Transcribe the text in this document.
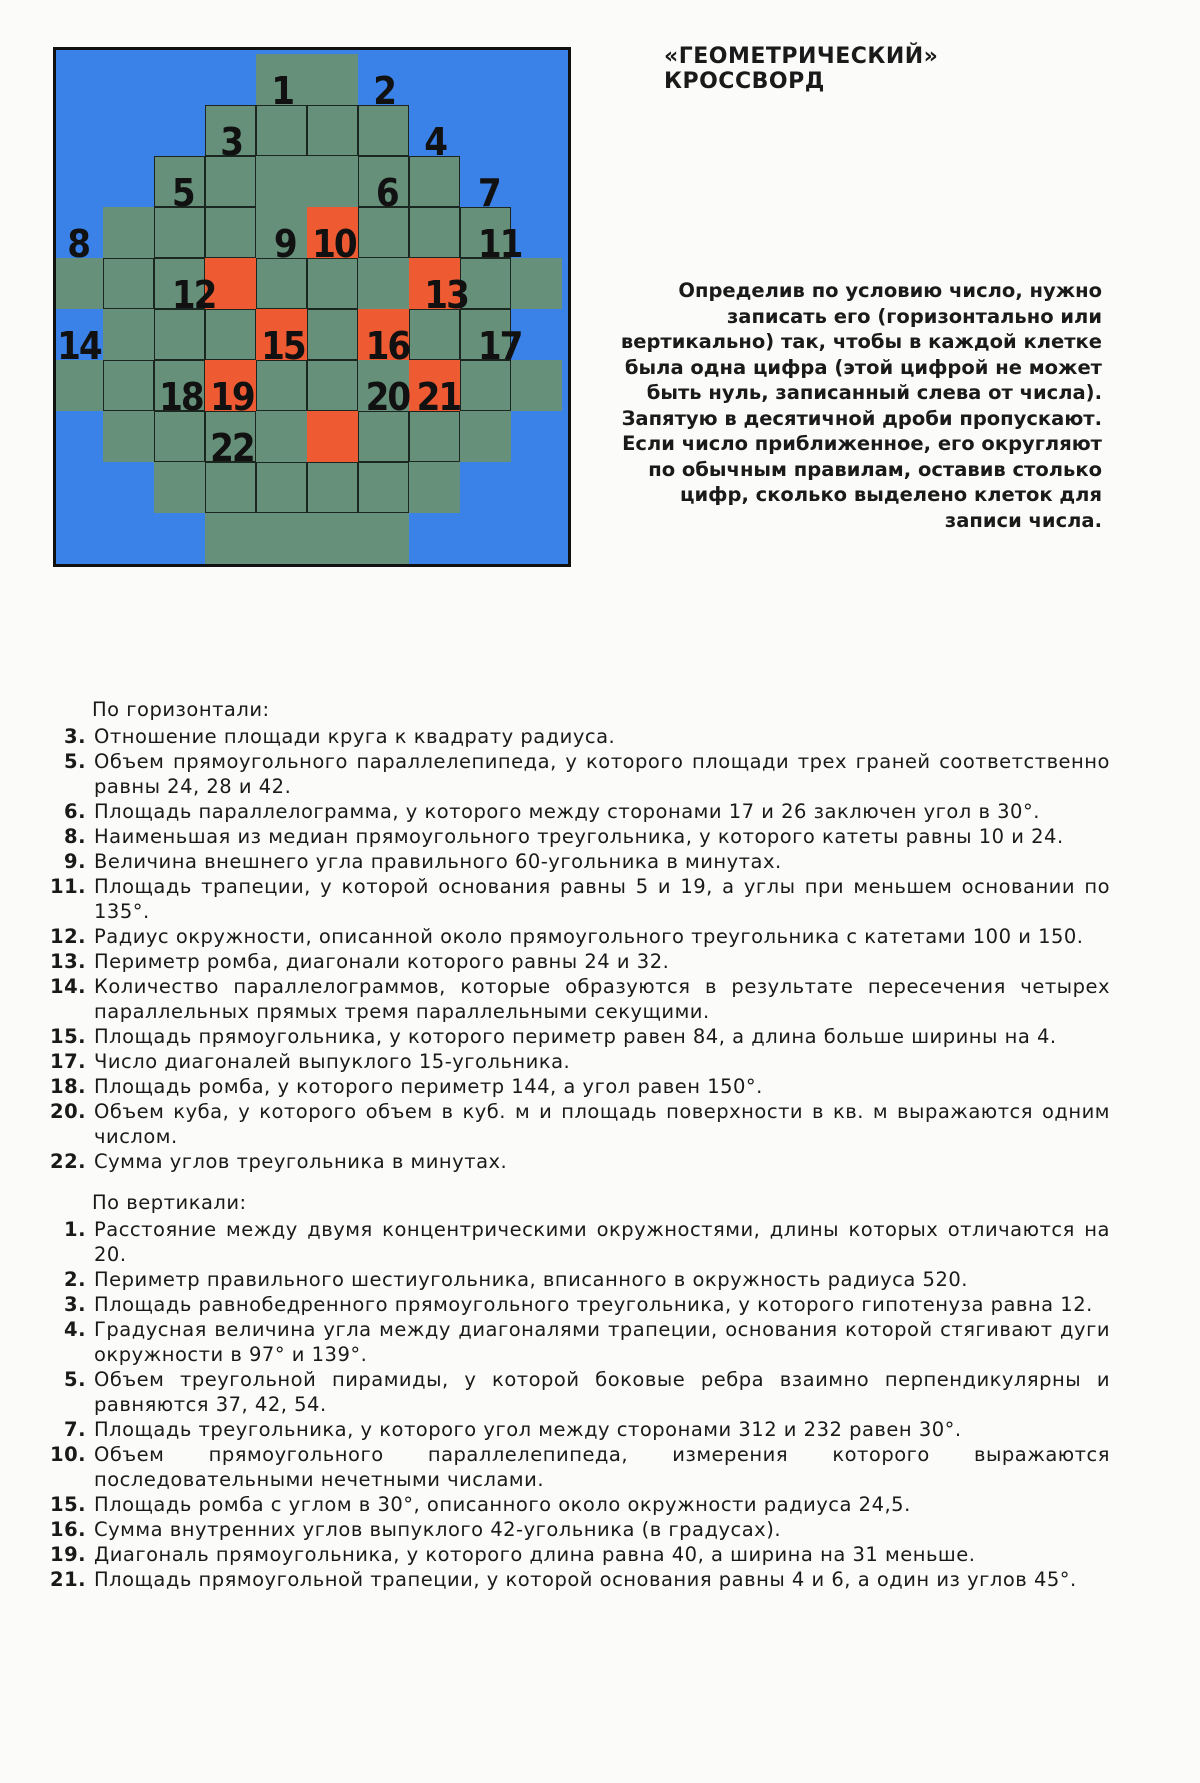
1 2
3	4
5	6 7
8	9 10	11
12	13
14	15 16 17
18 19	20 21
22
«ГЕОМЕТРИЧЕСКИЙ» КРОССВОРД
Определив по условию число, нужно записать его (горизонтально или вертикально) так, чтобы в каждой клетке была одна цифра (этой цифрой не может быть нуль, записанный слева от числа). Запятую в десятичной дроби пропускают. Если число приближенное, его округляют по обычным правилам, оставив столько цифр, сколько выделено клеток для записи числа.
По горизонтали:
3. Отношение площади круга к квадрату радиуса.
5. Объем прямоугольного параллелепипеда, у которого площади трех граней соответственно равны 24, 28 и 42.
6. Площадь параллелограмма, у которого между сторонами 17 и 26 заключен угол в 30°.
8. Наименьшая из медиан прямоугольного треугольника, у которого катеты равны 10 и 24.
9. Величина внешнего угла правильного 60-угольника в минутах.
11. Площадь трапеции, у которой основания равны 5 и 19, а углы при меньшем основании по 135°.
12. Радиус окружности, описанной около прямоугольного треугольника с катетами 100 и 150.
13. Периметр ромба, диагонали которого равны 24 и 32.
14. Количество параллелограммов, которые образуются в результате пересечения четырех параллельных прямых тремя параллельными секущими.
15. Площадь прямоугольника, у которого периметр равен 84, а длина больше ширины на 4.
17. Число диагоналей выпуклого 15-угольника.
18. Площадь ромба, у которого периметр 144, а угол равен 150°.
20. Объем куба, у которого объем в куб. м и площадь поверхности в кв. м выражаются одним числом.
22. Сумма углов треугольника в минутах.
По вертикали:
1. Расстояние между двумя концентрическими окружностями, длины которых отличаются на 20.
2. Периметр правильного шестиугольника, вписанного в окружность радиуса 520.
3. Площадь равнобедренного прямоугольного треугольника, у которого гипотенуза равна 12.
4. Градусная величина угла между диагоналями трапеции, основания которой стягивают дуги окружности в 97° и 139°.
5. Объем треугольной пирамиды, у которой боковые ребра взаимно перпендикулярны и равняются 37, 42, 54.
7. Площадь треугольника, у которого угол между сторонами 312 и 232 равен 30°.
10. Объем прямоугольного параллелепипеда, измерения которого выражаются последовательными нечетными числами.
15. Площадь ромба с углом в 30°, описанного около окружности радиуса 24,5.
16. Сумма внутренних углов выпуклого 42-угольника (в градусах).
19. Диагональ прямоугольника, у которого длина равна 40, а ширина на 31 меньше.
21. Площадь прямоугольной трапеции, у которой основания равны 4 и 6, а один из углов 45°.
